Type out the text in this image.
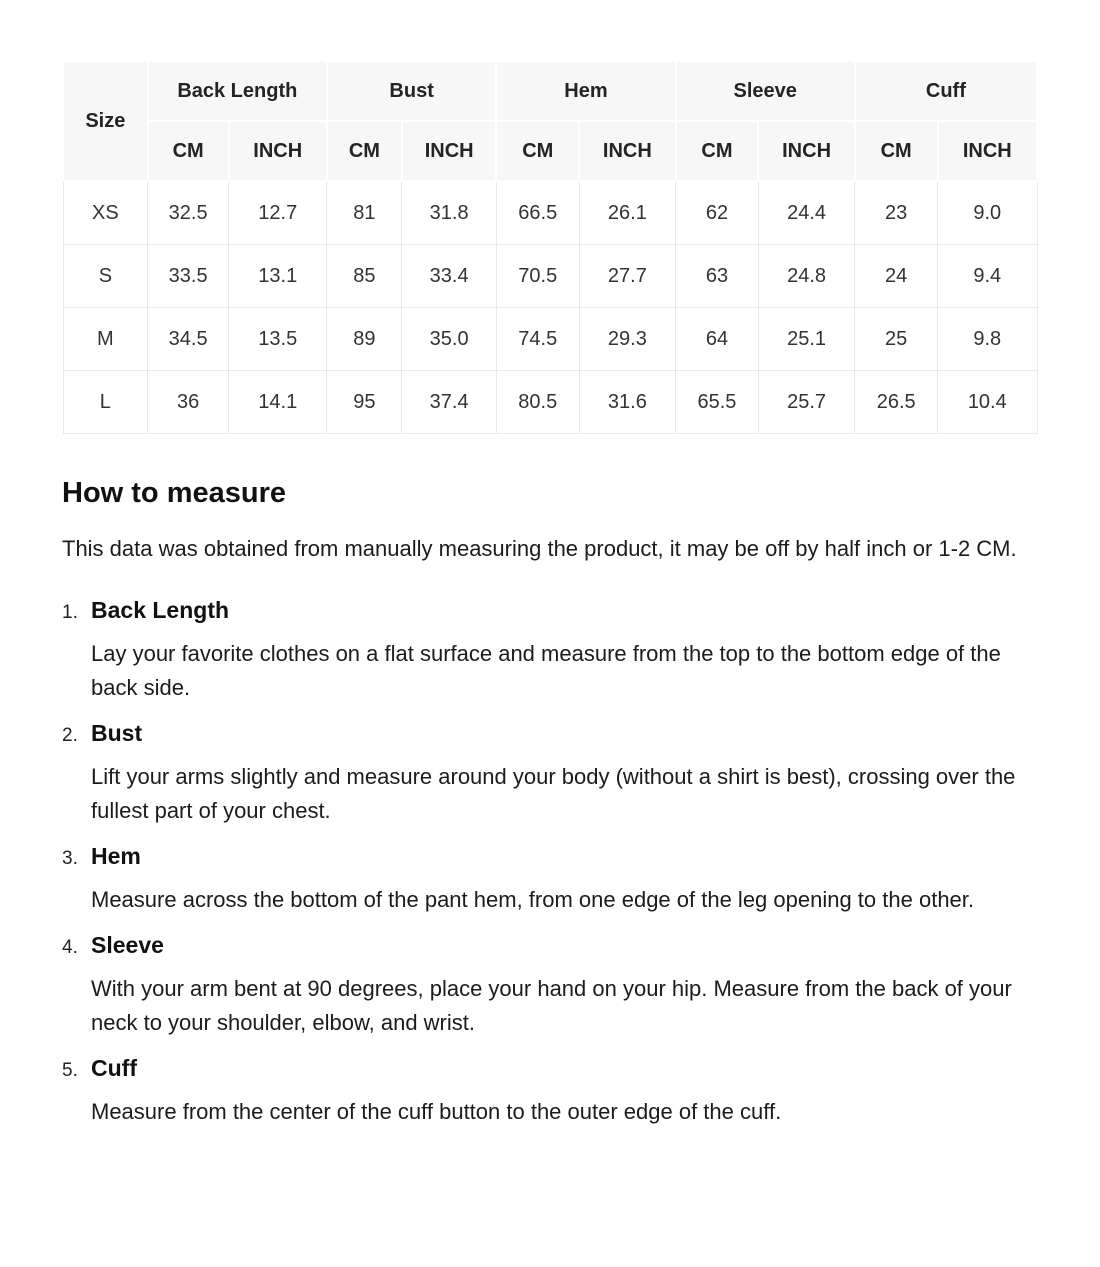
Size	Back Length		Bust		Hem		Sleeve		Cuff	
	CM	INCH	CM	INCH	CM	INCH	CM	INCH	CM	INCH
XS	32.5	12.7	81	31.8	66.5	26.1	62	24.4	23	9.0
S	33.5	13.1	85	33.4	70.5	27.7	63	24.8	24	9.4
M	34.5	13.5	89	35.0	74.5	29.3	64	25.1	25	9.8
L	36	14.1	95	37.4	80.5	31.6	65.5	25.7	26.5	10.4
How to measure

This data was obtained from manually measuring the product, it may be off by half inch or 1-2 CM.

1. Back Length
Lay your favorite clothes on a flat surface and measure from the top to the bottom edge of the back side.
2. Bust
Lift your arms slightly and measure around your body (without a shirt is best), crossing over the fullest part of your chest.
3. Hem
Measure across the bottom of the pant hem, from one edge of the leg opening to the other.
4. Sleeve
With your arm bent at 90 degrees, place your hand on your hip. Measure from the back of your neck to your shoulder, elbow, and wrist.
5. Cuff
Measure from the center of the cuff button to the outer edge of the cuff.
